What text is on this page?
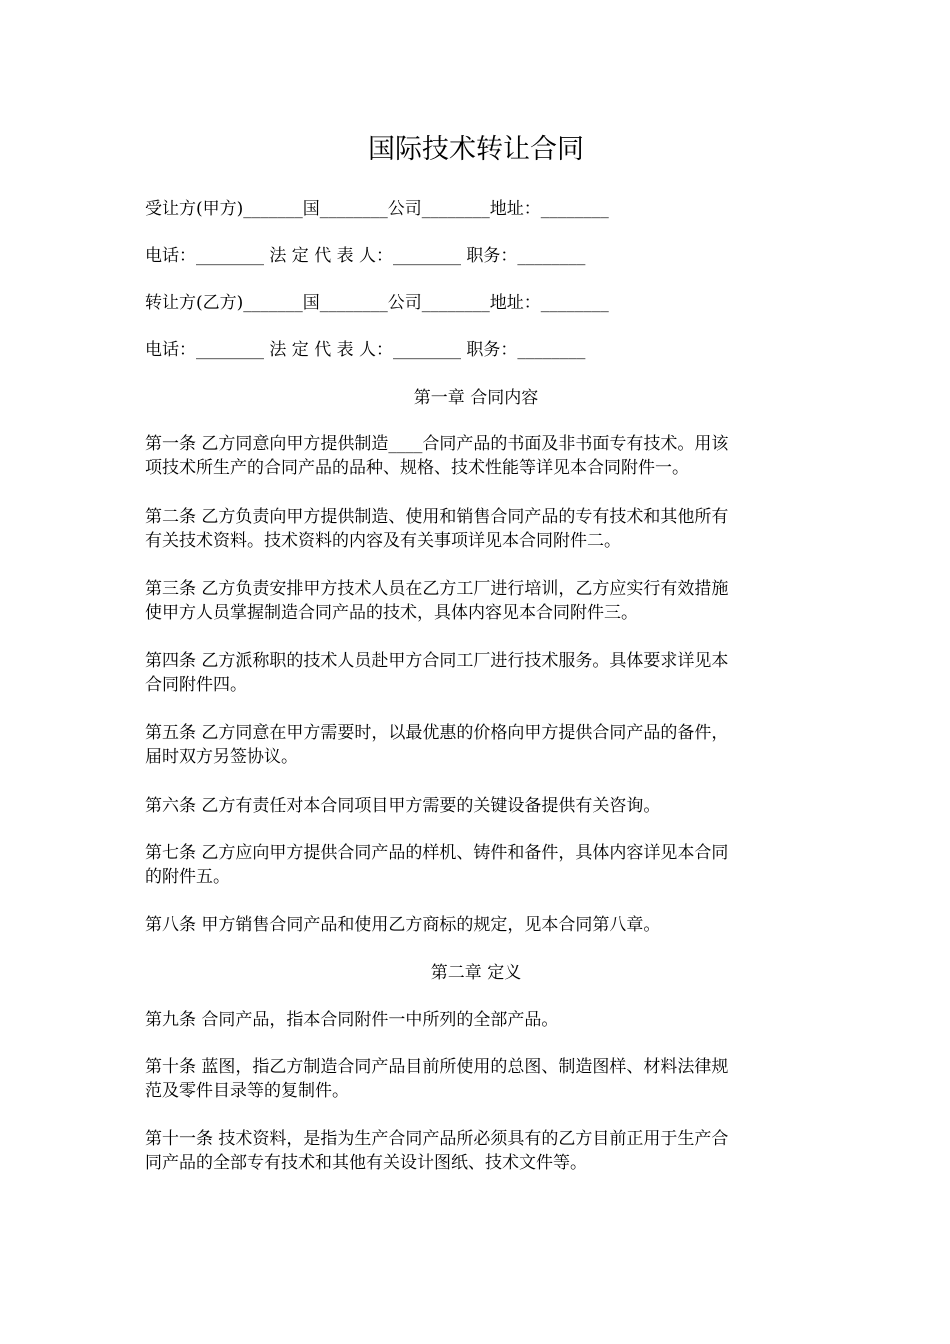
国际技术转让合同
受让方(甲方)_______国________公司________地址：________
电话：________ 法 定 代 表 人：________ 职务：________
转让方(乙方)_______国________公司________地址：________
电话：________ 法 定 代 表 人：________ 职务：________
第一章 合同内容
第一条 乙方同意向甲方提供制造____合同产品的书面及非书面专有技术。用该
项技术所生产的合同产品的品种、规格、技术性能等详见本合同附件一。
第二条 乙方负责向甲方提供制造、使用和销售合同产品的专有技术和其他所有
有关技术资料。技术资料的内容及有关事项详见本合同附件二。
第三条 乙方负责安排甲方技术人员在乙方工厂进行培训，乙方应实行有效措施
使甲方人员掌握制造合同产品的技术，具体内容见本合同附件三。
第四条 乙方派称职的技术人员赴甲方合同工厂进行技术服务。具体要求详见本
合同附件四。
第五条 乙方同意在甲方需要时，以最优惠的价格向甲方提供合同产品的备件，
届时双方另签协议。
第六条 乙方有责任对本合同项目甲方需要的关键设备提供有关咨询。
第七条 乙方应向甲方提供合同产品的样机、铸件和备件，具体内容详见本合同
的附件五。
第八条 甲方销售合同产品和使用乙方商标的规定，见本合同第八章。
第二章 定义
第九条 合同产品，指本合同附件一中所列的全部产品。
第十条 蓝图，指乙方制造合同产品目前所使用的总图、制造图样、材料法律规
范及零件目录等的复制件。
第十一条 技术资料，是指为生产合同产品所必须具有的乙方目前正用于生产合
同产品的全部专有技术和其他有关设计图纸、技术文件等。
